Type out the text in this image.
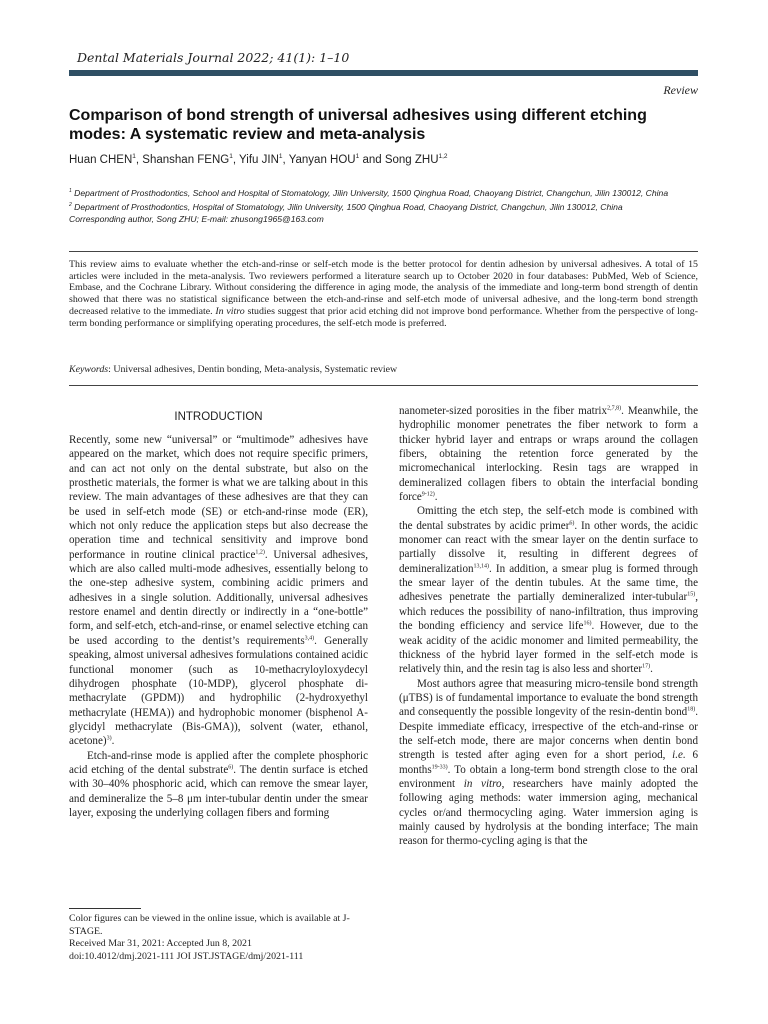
Dental Materials Journal 2022; 41(1): 1–10
Review
Comparison of bond strength of universal adhesives using different etching modes: A systematic review and meta-analysis
Huan CHEN$^1$, Shanshan FENG$^1$, Yifu JIN$^1$, Yanyan HOU$^1$ and Song ZHU$^{1,2}$
$^1$ Department of Prosthodontics, School and Hospital of Stomatology, Jilin University, 1500 Qinghua Road, Chaoyang District, Changchun, Jilin 130012, China
$^2$ Department of Prosthodontics, Hospital of Stomatology, Jilin University, 1500 Qinghua Road, Chaoyang District, Changchun, Jilin 130012, China
Corresponding author, Song ZHU; E-mail: zhusong1965@163.com
This review aims to evaluate whether the etch-and-rinse or self-etch mode is the better protocol for dentin adhesion by universal adhesives. A total of 15 articles were included in the meta-analysis. Two reviewers performed a literature search up to October 2020 in four databases: PubMed, Web of Science, Embase, and the Cochrane Library. Without considering the difference in aging mode, the analysis of the immediate and long-term bond strength of dentin showed that there was no statistical significance between the etch-and-rinse and self-etch mode of universal adhesive, and the long-term bond strength decreased relative to the immediate. In vitro studies suggest that prior acid etching did not improve bond performance. Whether from the perspective of long-term bonding performance or simplifying operating procedures, the self-etch mode is preferred.
Keywords: Universal adhesives, Dentin bonding, Meta-analysis, Systematic review
INTRODUCTION

Recently, some new “universal” or “multimode” adhesives have appeared on the market, which does not require specific primers, and can act not only on the dental substrate, but also on the prosthetic materials, the former is what we are talking about in this review. The main advantages of these adhesives are that they can be used in self-etch mode (SE) or etch-and-rinse mode (ER), which not only reduce the application steps but also decrease the operation time and technical sensitivity and improve bond performance in routine clinical practice$^{1,2)}$. Universal adhesives, which are also called multi-mode adhesives, essentially belong to the one-step adhesive system, combining acidic primers and adhesives in a single solution. Additionally, universal adhesives restore enamel and dentin directly or indirectly in a “one-bottle” form, and self-etch, etch-and-rinse, or enamel selective etching can be used according to the dentist’s requirements$^{3,4)}$. Generally speaking, almost universal adhesives formulations contained acidic functional monomer (such as 10-methacryloyloxydecyl dihydrogen phosphate (10-MDP), glycerol phosphate di-methacrylate (GPDM)) and hydrophilic (2-hydroxyethyl methacrylate (HEMA)) and hydrophobic monomer (bisphenol A-glycidyl methacrylate (Bis-GMA)), solvent (water, ethanol, acetone)$^{3)}$.

Etch-and-rinse mode is applied after the complete phosphoric acid etching of the dental substrate$^{6)}$. The dentin surface is etched with 30–40% phosphoric acid, which can remove the smear layer, and demineralize the 5–8 μm inter-tubular dentin under the smear layer, exposing the underlying collagen fibers and forming

nanometer-sized porosities in the fiber matrix$^{2,7,8)}$. Meanwhile, the hydrophilic monomer penetrates the fiber network to form a thicker hybrid layer and entraps or wraps around the collagen fibers, obtaining the retention force generated by the micromechanical interlocking. Resin tags are wrapped in demineralized collagen fibers to obtain the interfacial bonding force$^{9-12)}$.

Omitting the etch step, the self-etch mode is combined with the dental substrates by acidic primer$^{6)}$. In other words, the acidic monomer can react with the smear layer on the dentin surface to partially dissolve it, resulting in different degrees of demineralization$^{13,14)}$. In addition, a smear plug is formed through the smear layer of the dentin tubules. At the same time, the adhesives penetrate the partially demineralized inter-tubular$^{15)}$, which reduces the possibility of nano-infiltration, thus improving the bonding efficiency and service life$^{16)}$. However, due to the weak acidity of the acidic monomer and limited permeability, the thickness of the hybrid layer formed in the self-etch mode is relatively thin, and the resin tag is also less and shorter$^{17)}$.

Most authors agree that measuring micro-tensile bond strength (μTBS) is of fundamental importance to evaluate the bond strength and consequently the possible longevity of the resin-dentin bond$^{18)}$. Despite immediate efficacy, irrespective of the etch-and-rinse or the self-etch mode, there are major concerns when dentin bond strength is tested after aging even for a short period, i.e. 6 months$^{19-33)}$. To obtain a long-term bond strength close to the oral environment in vitro, researchers have mainly adopted the following aging methods: water immersion aging, mechanical cycles or/and thermocycling aging. Water immersion aging is mainly caused by hydrolysis at the bonding interface; The main reason for thermo-cycling aging is that the

Color figures can be viewed in the online issue, which is available at J-STAGE.
Received Mar 31, 2021: Accepted Jun 8, 2021
doi:10.4012/dmj.2021-111 JOI JST.JSTAGE/dmj/2021-111
